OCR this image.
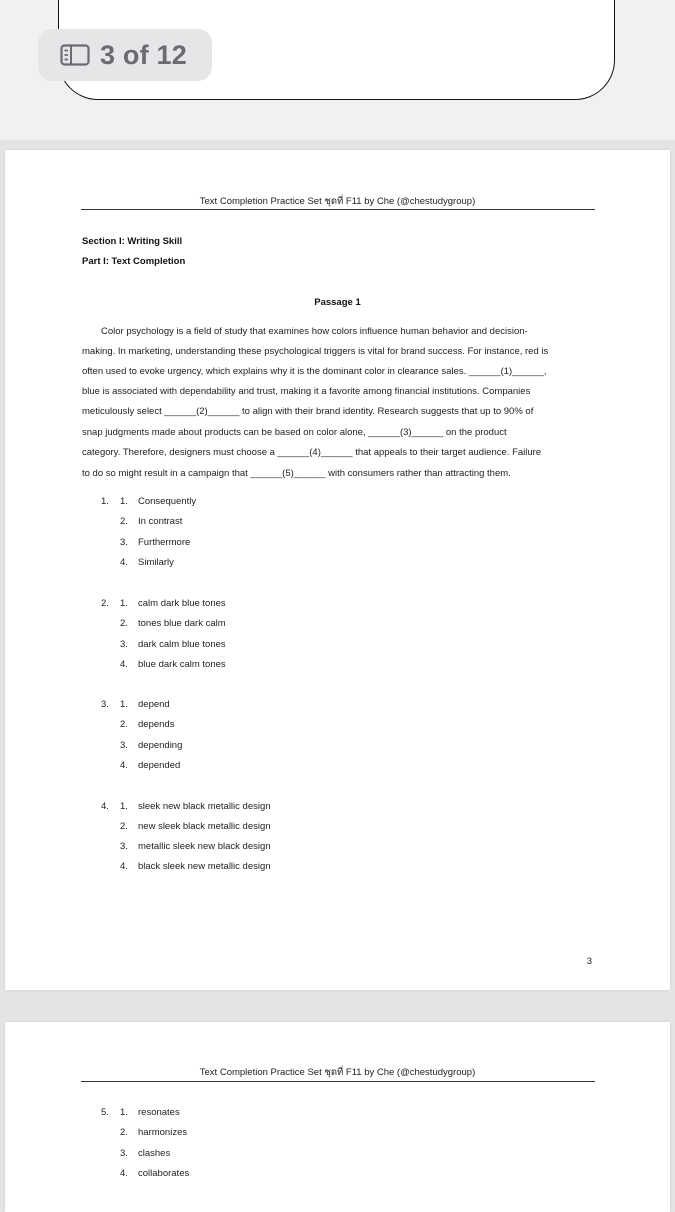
3 of 12
Text Completion Practice Set ชุดที่ F11 by Che (@chestudygroup)
Section I: Writing Skill
Part I: Text Completion
Passage 1
Color psychology is a field of study that examines how colors influence human behavior and decision-
making. In marketing, understanding these psychological triggers is vital for brand success. For instance, red is
often used to evoke urgency, which explains why it is the dominant color in clearance sales. ______(1)______,
blue is associated with dependability and trust, making it a favorite among financial institutions. Companies
meticulously select ______(2)______ to align with their brand identity. Research suggests that up to 90% of
snap judgments made about products can be based on color alone, ______(3)______ on the product
category. Therefore, designers must choose a ______(4)______ that appeals to their target audience. Failure
to do so might result in a campaign that ______(5)______ with consumers rather than attracting them.
1. 1. Consequently
2. In contrast
3. Furthermore
4. Similarly
2. 1. calm dark blue tones
2. tones blue dark calm
3. dark calm blue tones
4. blue dark calm tones
3. 1. depend
2. depends
3. depending
4. depended
4. 1. sleek new black metallic design
2. new sleek black metallic design
3. metallic sleek new black design
4. black sleek new metallic design
3
Text Completion Practice Set ชุดที่ F11 by Che (@chestudygroup)
5. 1. resonates
2. harmonizes
3. clashes
4. collaborates
